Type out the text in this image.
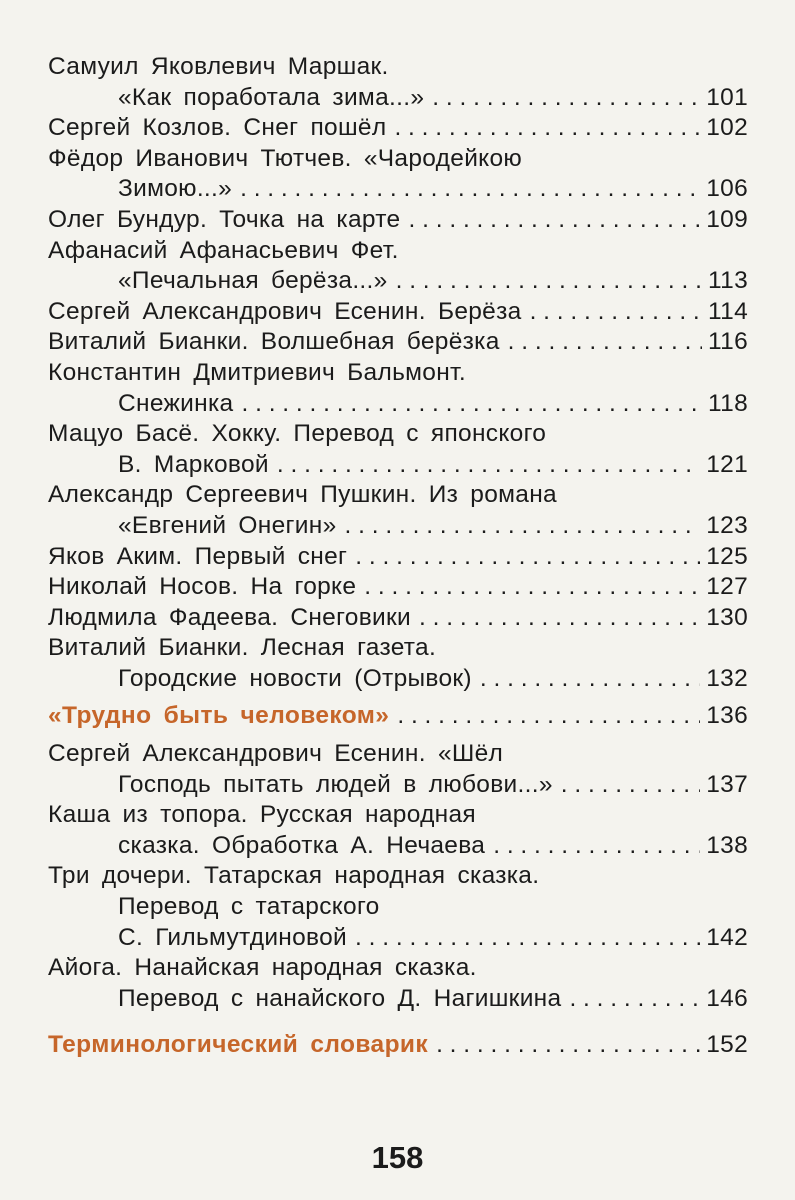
Самуил Яковлевич Маршак.
«Как поработала зима...» . . .	101
Сергей Козлов. Снег пошёл . . .	102
Фёдор Иванович Тютчев. «Чародейкою
Зимою...» . . .	106
Олег Бундур. Точка на карте . . .	109
Афанасий Афанасьевич Фет.
«Печальная берёза...» . . .	113
Сергей Александрович Есенин. Берёза . . .	114
Виталий Бианки. Волшебная берёзка . . .	116
Константин Дмитриевич Бальмонт.
Снежинка . . .	118
Мацуо Басё. Хокку. Перевод с японского
В. Марковой . . .	121
Александр Сергеевич Пушкин. Из романа
«Евгений Онегин» . . .	123
Яков Аким. Первый снег . . .	125
Николай Носов. На горке . . .	127
Людмила Фадеева. Снеговики . . .	130
Виталий Бианки. Лесная газета.
Городские новости (Отрывок) . . .	132
«Трудно быть человеком» . . .	136
Сергей Александрович Есенин. «Шёл
Господь пытать людей в любови...» . . .	137
Каша из топора. Русская народная
сказка. Обработка А. Нечаева . . .	138
Три дочери. Татарская народная сказка.
Перевод с татарского
С. Гильмутдиновой . . .	142
Айога. Нанайская народная сказка.
Перевод с нанайского Д. Нагишкина . . .	146
Терминологический словарик . . .	152
158
